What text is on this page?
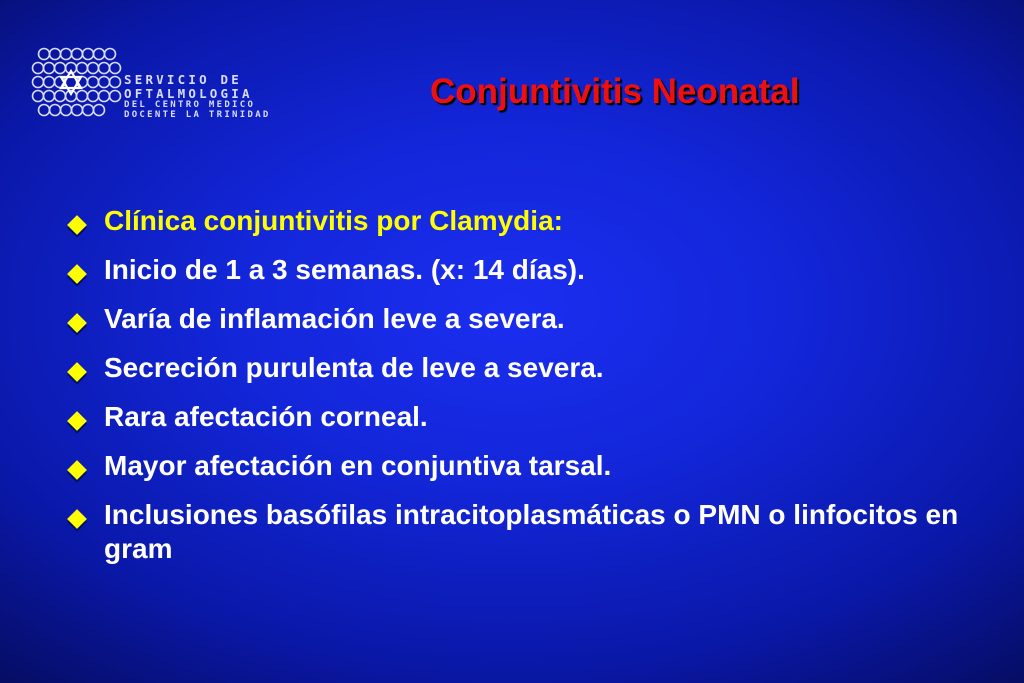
SERVICIO DE
OFTALMOLOGIA
DEL CENTRO MEDICO
DOCENTE LA TRINIDAD
Conjuntivitis Neonatal
Clínica conjuntivitis por Clamydia:
Inicio de 1 a 3 semanas. (x: 14 días).
Varía de inflamación leve a severa.
Secreción purulenta de leve a severa.
Rara afectación corneal.
Mayor afectación en conjuntiva tarsal.
Inclusiones basófilas intracitoplasmáticas o PMN o linfocitos en gram
